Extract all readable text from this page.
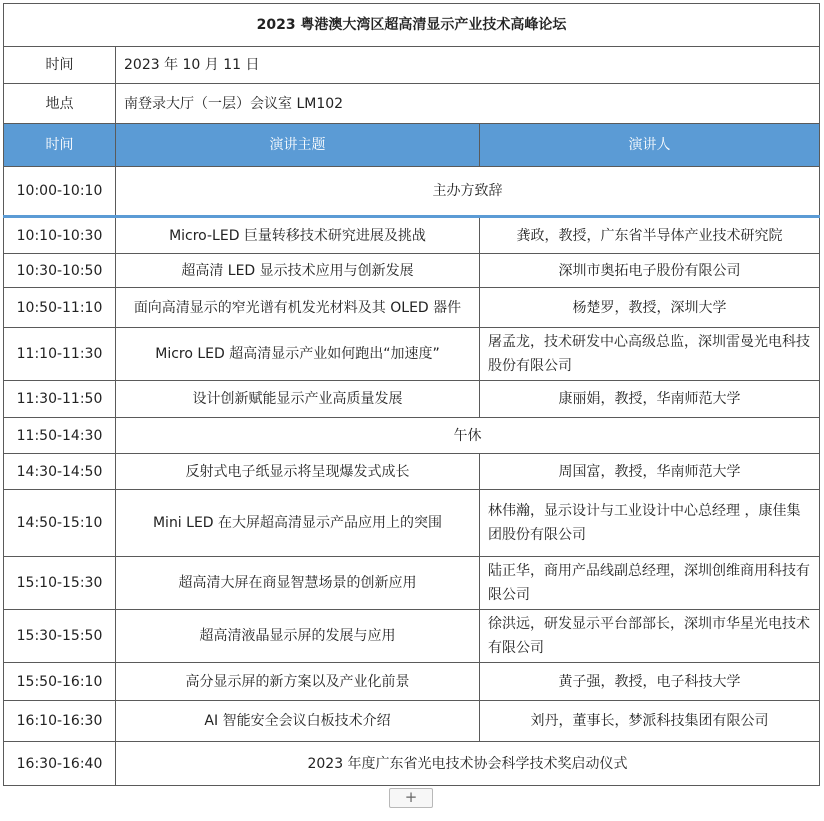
2023 粤港澳大湾区超高清显示产业技术高峰论坛		
时间	2023 年 10 月 11 日	
地点	南登录大厅（一层）会议室 LM102	
时间	演讲主题	演讲人
10:00-10:10	主办方致辞	
10:10-10:30	Micro-LED 巨量转移技术研究进展及挑战	龚政，教授，广东省半导体产业技术研究院
10:30-10:50	超高清 LED 显示技术应用与创新发展	深圳市奥拓电子股份有限公司
10:50-11:10	面向高清显示的窄光谱有机发光材料及其 OLED 器件	杨楚罗，教授，深圳大学
11:10-11:30	Micro LED 超高清显示产业如何跑出“加速度”	屠孟龙，技术研发中心高级总监，深圳雷曼光电科技股份有限公司
11:30-11:50	设计创新赋能显示产业高质量发展	康丽娟，教授，华南师范大学
11:50-14:30	午休	
14:30-14:50	反射式电子纸显示将呈现爆发式成长	周国富，教授，华南师范大学
14:50-15:10	Mini LED 在大屏超高清显示产品应用上的突围	林伟瀚，显示设计与工业设计中心总经理 ，康佳集团股份有限公司
15:10-15:30	超高清大屏在商显智慧场景的创新应用	陆正华，商用产品线副总经理，深圳创维商用科技有限公司
15:30-15:50	超高清液晶显示屏的发展与应用	徐洪远，研发显示平台部部长，深圳市华星光电技术有限公司
15:50-16:10	高分显示屏的新方案以及产业化前景	黄子强，教授，电子科技大学
16:10-16:30	AI 智能安全会议白板技术介绍	刘丹，董事长，梦派科技集团有限公司
16:30-16:40	2023 年度广东省光电技术协会科学技术奖启动仪式	
+
